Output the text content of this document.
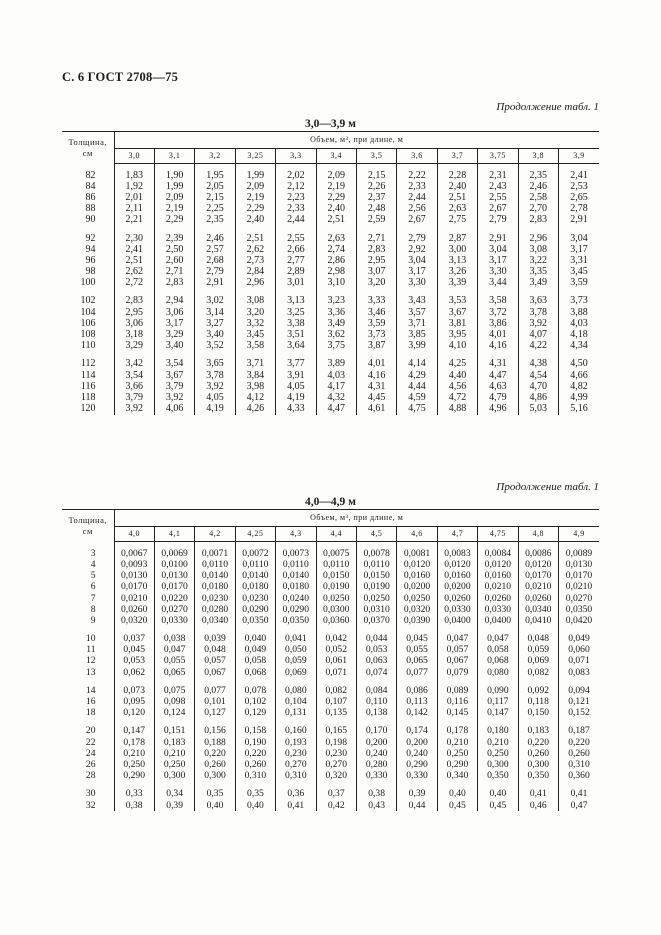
С. 6 ГОСТ 2708—75
Продолжение табл. 1
3,0—3,9 м
Толщина,
см	Объем, м³, при длине, м											
	3,0	3,1	3,2	3,25	3,3	3,4	3,5	3,6	3,7	3,75	3,8	3,9

82	1,83	1,90	1,95	1,99	2,02	2,09	2,15	2,22	2,28	2,31	2,35	2,41
84	1,92	1,99	2,05	2,09	2,12	2,19	2,26	2,33	2,40	2,43	2,46	2,53
86	2,01	2,09	2,15	2,19	2,23	2,29	2,37	2,44	2,51	2,55	2,58	2,65
88	2,11	2,19	2,25	2,29	2,33	2,40	2,48	2,56	2,63	2,67	2,70	2,78
90	2,21	2,29	2,35	2,40	2,44	2,51	2,59	2,67	2,75	2,79	2,83	2,91

92	2,30	2,39	2,46	2,51	2,55	2,63	2,71	2,79	2,87	2,91	2,96	3,04
94	2,41	2,50	2,57	2,62	2,66	2,74	2,83	2,92	3,00	3,04	3,08	3,17
96	2,51	2,60	2,68	2,73	2,77	2,86	2,95	3,04	3,13	3,17	3,22	3,31
98	2,62	2,71	2,79	2,84	2,89	2,98	3,07	3,17	3,26	3,30	3,35	3,45
100	2,72	2,83	2,91	2,96	3,01	3,10	3,20	3,30	3,39	3,44	3,49	3,59

102	2,83	2,94	3,02	3,08	3,13	3,23	3,33	3,43	3,53	3,58	3,63	3,73
104	2,95	3,06	3,14	3,20	3,25	3,36	3,46	3,57	3,67	3,72	3,78	3,88
106	3,06	3,17	3,27	3,32	3,38	3,49	3,59	3,71	3,81	3,86	3,92	4,03
108	3,18	3,29	3,40	3,45	3,51	3,62	3,73	3,85	3,95	4,01	4,07	4,18
110	3,29	3,40	3,52	3,58	3,64	3,75	3,87	3,99	4,10	4,16	4,22	4,34

112	3,42	3,54	3,65	3,71	3,77	3,89	4,01	4,14	4,25	4,31	4,38	4,50
114	3,54	3,67	3,78	3,84	3,91	4,03	4,16	4,29	4,40	4,47	4,54	4,66
116	3,66	3,79	3,92	3,98	4,05	4,17	4,31	4,44	4,56	4,63	4,70	4,82
118	3,79	3,92	4,05	4,12	4,19	4,32	4,45	4,59	4,72	4,79	4,86	4,99
120	3,92	4,06	4,19	4,26	4,33	4,47	4,61	4,75	4,88	4,96	5,03	5,16
Продолжение табл. 1
4,0—4,9 м
Толщина,
см	Объем, м³, при длине, м											
	4,0	4,1	4,2	4,25	4,3	4,4	4,5	4,6	4,7	4,75	4,8	4,9

3	0,0067	0,0069	0,0071	0,0072	0,0073	0,0075	0,0078	0,0081	0,0083	0,0084	0,0086	0,0089
4	0,0093	0,0100	0,0110	0,0110	0,0110	0,0110	0,0110	0,0120	0,0120	0,0120	0,0120	0,0130
5	0,0130	0,0130	0,0140	0,0140	0,0140	0,0150	0,0150	0,0160	0,0160	0,0160	0,0170	0,0170
6	0,0170	0,0170	0,0180	0,0180	0,0180	0,0190	0,0190	0,0200	0,0200	0,0210	0,0210	0,0210
7	0,0210	0,0220	0,0230	0,0230	0,0240	0,0250	0,0250	0,0250	0,0260	0,0260	0,0260	0,0270
8	0,0260	0,0270	0,0280	0,0290	0,0290	0,0300	0,0310	0,0320	0,0330	0,0330	0,0340	0,0350
9	0,0320	0,0330	0,0340	0,0350	0,0350	0,0360	0,0370	0,0390	0,0400	0,0400	0,0410	0,0420

10	0,037	0,038	0,039	0,040	0,041	0,042	0,044	0,045	0,047	0,047	0,048	0,049
11	0,045	0,047	0,048	0,049	0,050	0,052	0,053	0,055	0,057	0,058	0,059	0,060
12	0,053	0,055	0,057	0,058	0,059	0,061	0,063	0,065	0,067	0,068	0,069	0,071
13	0,062	0,065	0,067	0,068	0,069	0,071	0,074	0,077	0,079	0,080	0,082	0,083

14	0,073	0,075	0,077	0,078	0,080	0,082	0,084	0,086	0,089	0,090	0,092	0,094
16	0,095	0,098	0,101	0,102	0,104	0,107	0,110	0,113	0,116	0,117	0,118	0,121
18	0,120	0,124	0,127	0,129	0,131	0,135	0,138	0,142	0,145	0,147	0,150	0,152

20	0,147	0,151	0,156	0,158	0,160	0,165	0,170	0,174	0,178	0,180	0,183	0,187
22	0,178	0,183	0,188	0,190	0,193	0,198	0,200	0,200	0,210	0,210	0,220	0,220
24	0,210	0,210	0,220	0,220	0,230	0,230	0,240	0,240	0,250	0,250	0,260	0,260
26	0,250	0,250	0,260	0,260	0,270	0,270	0,280	0,290	0,290	0,300	0,300	0,310
28	0,290	0,300	0,300	0,310	0,310	0,320	0,330	0,330	0,340	0,350	0,350	0,360

30	0,33	0,34	0,35	0,35	0,36	0,37	0,38	0,39	0,40	0,40	0,41	0,41
32	0,38	0,39	0,40	0,40	0,41	0,42	0,43	0,44	0,45	0,45	0,46	0,47
